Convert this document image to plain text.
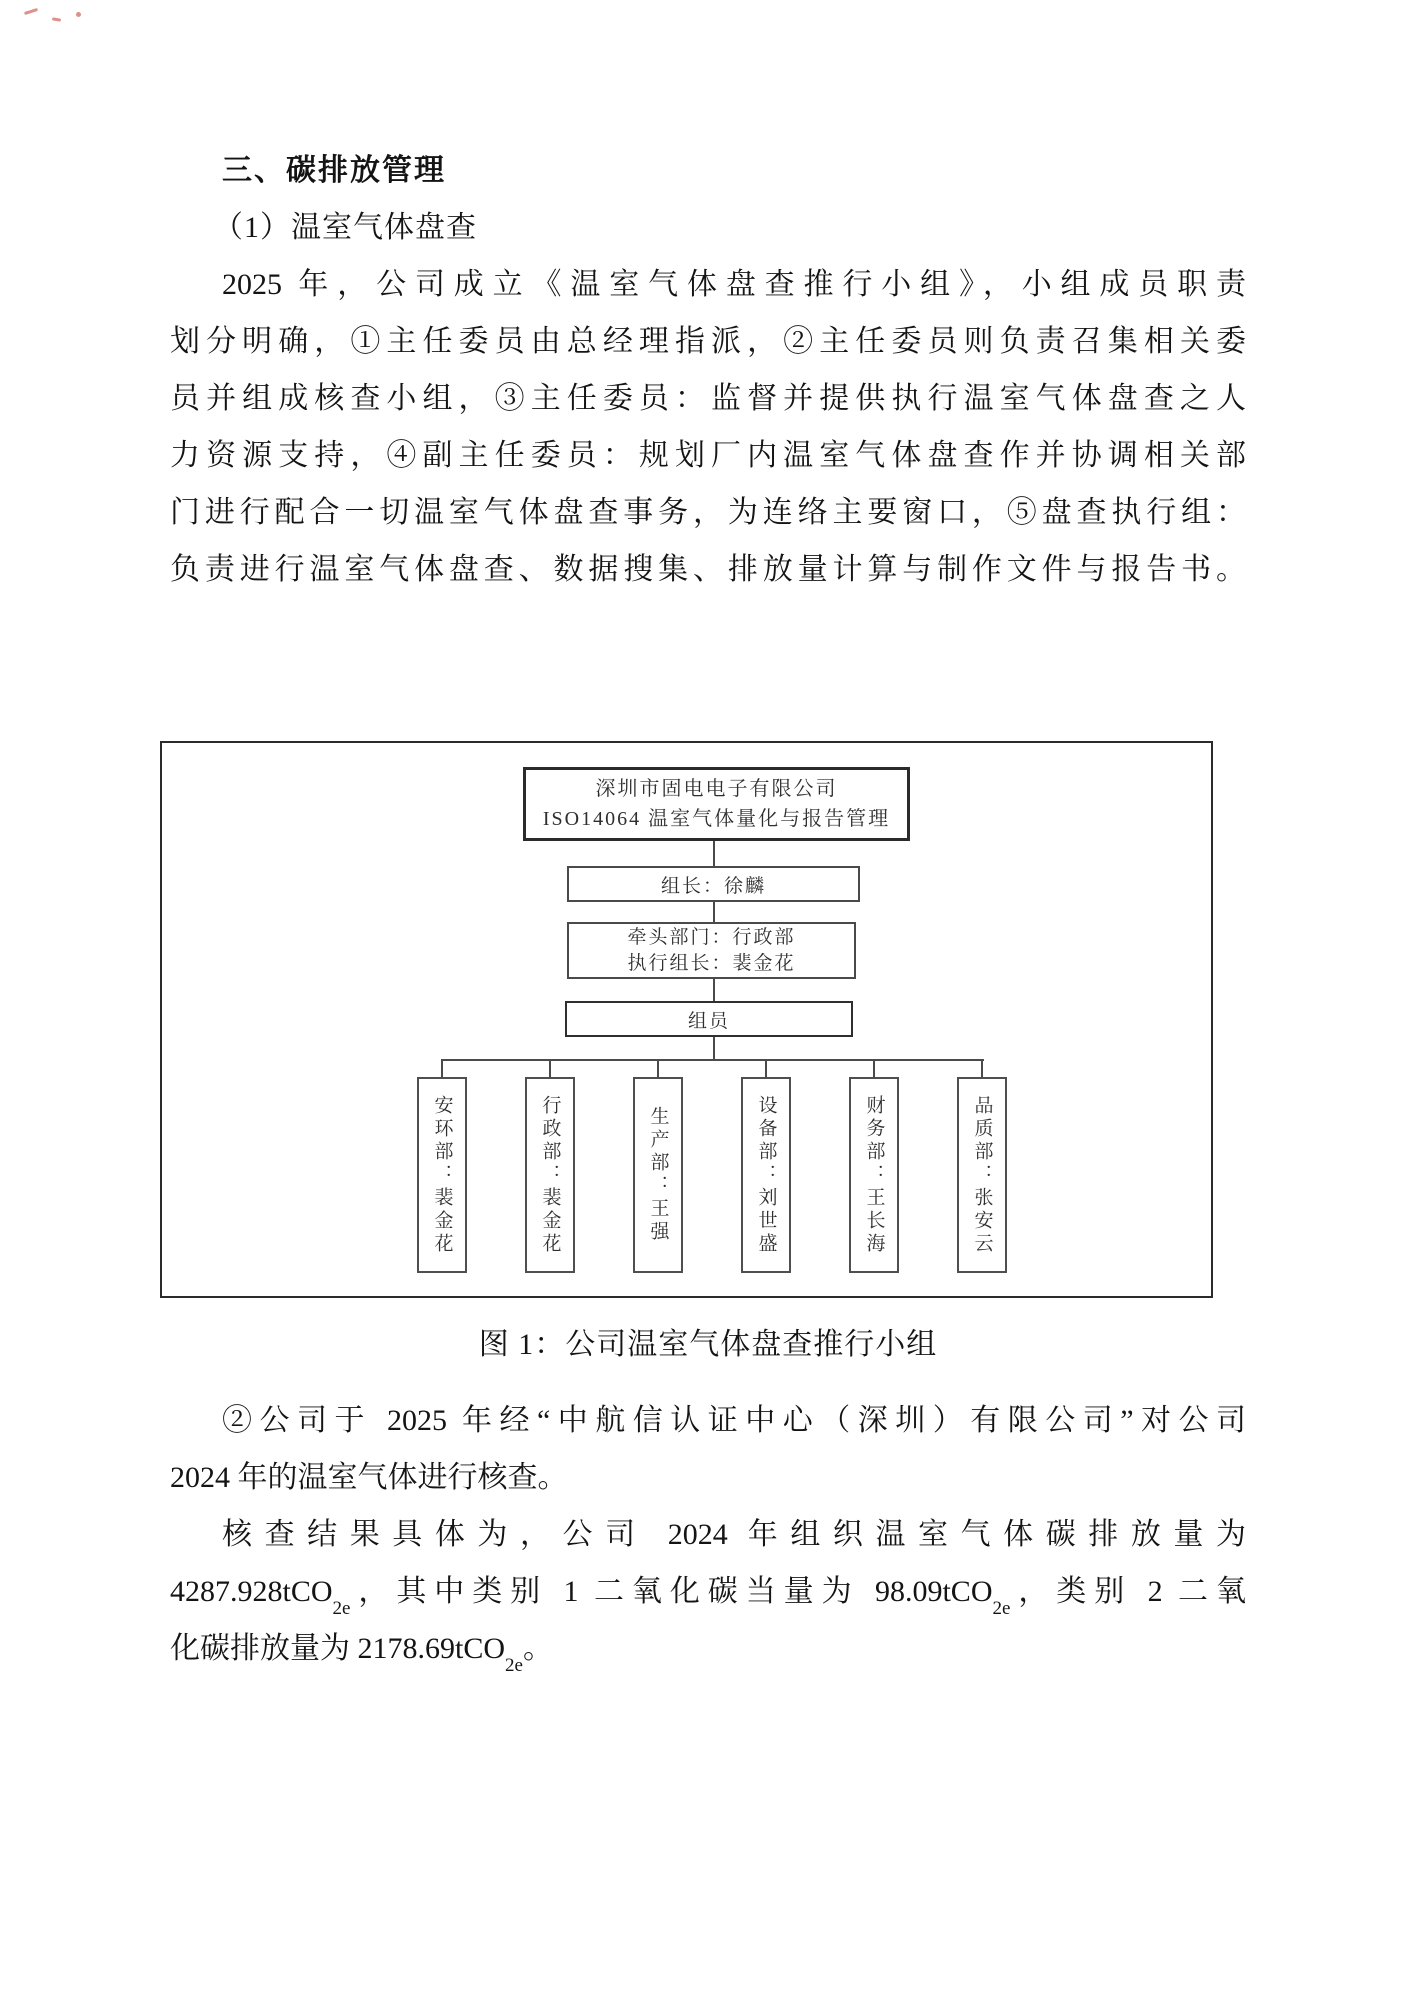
三、碳排放管理
（1）温室气体盘查
2025 年，公司成立《温室气体盘查推行小组》，小组成员职责
划分明确，①主任委员由总经理指派，②主任委员则负责召集相关委
员并组成核查小组，③主任委员：监督并提供执行温室气体盘查之人
力资源支持，④副主任委员：规划厂内温室气体盘查作并协调相关部
门进行配合一切温室气体盘查事务，为连络主要窗口，⑤盘查执行组：
负责进行温室气体盘查、数据搜集、排放量计算与制作文件与报告书。
深圳市固电电子有限公司
ISO14064 温室气体量化与报告管理
组长：徐麟
牵头部门：行政部
执行组长：裴金花
组员
安环部：裴金花	行政部：裴金花	生产部：王强	设备部：刘世盛	财务部：王长海	品质部：张安云
图 1：公司温室气体盘查推行小组
②公司于 2025 年经“中航信认证中心（深圳）有限公司”对公司
2024 年的温室气体进行核查。
核查结果具体为，公司 2024 年组织温室气体碳排放量为
4287.928tCO$_{2e}$，其中类别 1 二氧化碳当量为 98.09tCO$_{2e}$，类别 2 二氧
化碳排放量为 2178.69tCO$_{2e}$。
